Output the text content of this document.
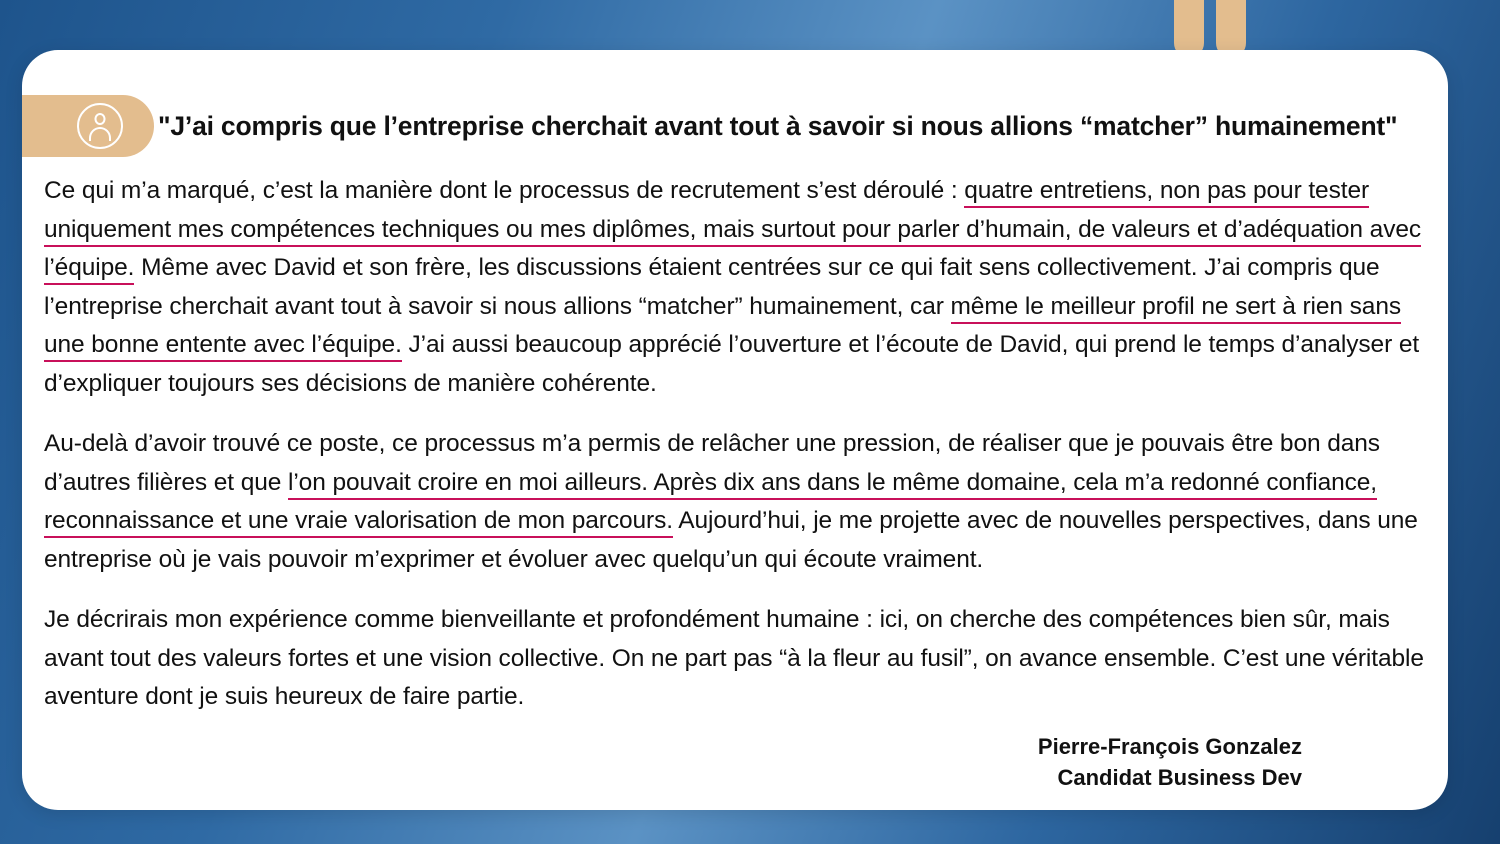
"J’ai compris que l’entreprise cherchait avant tout à savoir si nous allions “matcher” humainement"

Ce qui m’a marqué, c’est la manière dont le processus de recrutement s’est déroulé : quatre entretiens, non pas pour tester uniquement mes compétences techniques ou mes diplômes, mais surtout pour parler d’humain, de valeurs et d’adéquation avec l’équipe. Même avec David et son frère, les discussions étaient centrées sur ce qui fait sens collectivement. J’ai compris que l’entreprise cherchait avant tout à savoir si nous allions “matcher” humainement, car même le meilleur profil ne sert à rien sans une bonne entente avec l’équipe. J’ai aussi beaucoup apprécié l’ouverture et l’écoute de David, qui prend le temps d’analyser et d’expliquer toujours ses décisions de manière cohérente.

Au-delà d’avoir trouvé ce poste, ce processus m’a permis de relâcher une pression, de réaliser que je pouvais être bon dans d’autres filières et que l’on pouvait croire en moi ailleurs. Après dix ans dans le même domaine, cela m’a redonné confiance, reconnaissance et une vraie valorisation de mon parcours. Aujourd’hui, je me projette avec de nouvelles perspectives, dans une entreprise où je vais pouvoir m’exprimer et évoluer avec quelqu’un qui écoute vraiment.

Je décrirais mon expérience comme bienveillante et profondément humaine : ici, on cherche des compétences bien sûr, mais avant tout des valeurs fortes et une vision collective. On ne part pas “à la fleur au fusil”, on avance ensemble. C’est une véritable aventure dont je suis heureux de faire partie.

Pierre-François Gonzalez
Candidat Business Dev
